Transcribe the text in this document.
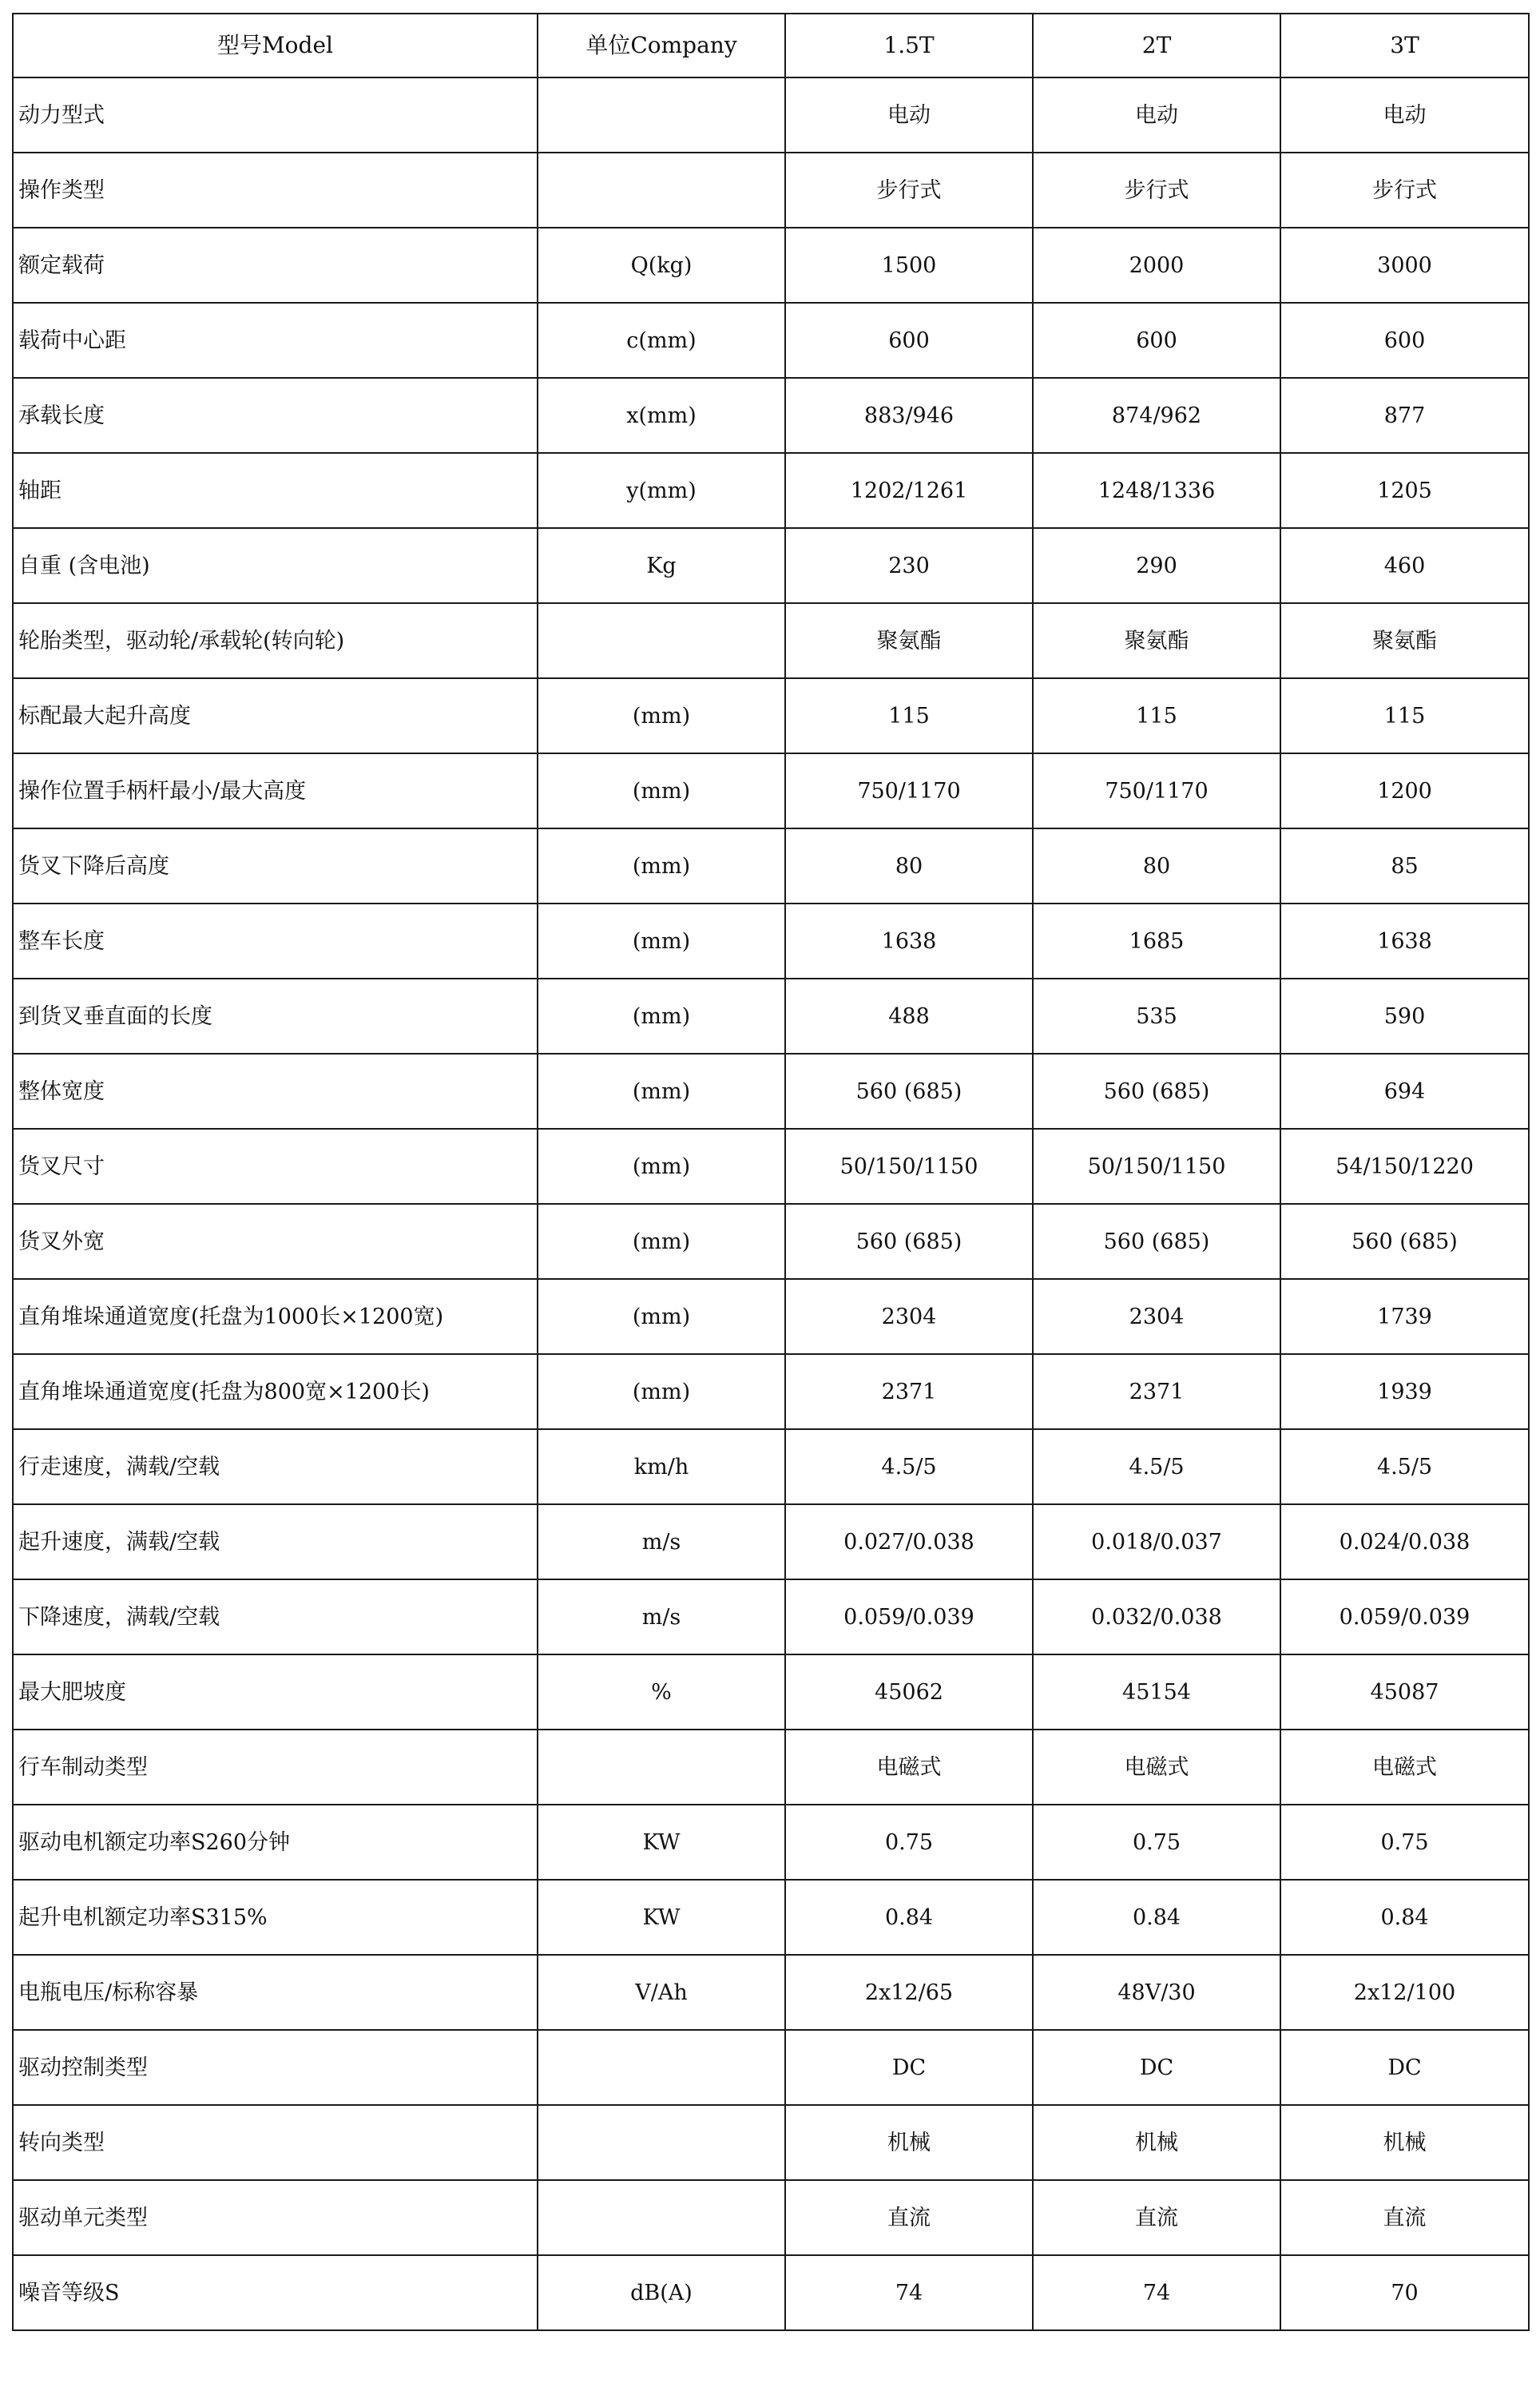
型号Model	单位Company	1.5T	2T	3T
动力型式		电动	电动	电动
操作类型		步行式	步行式	步行式
额定载荷	Q(kg)	1500	2000	3000
载荷中心距	c(mm)	600	600	600
承载长度	x(mm)	883/946	874/962	877
轴距	y(mm)	1202/1261	1248/1336	1205
自重 (含电池)	Kg	230	290	460
轮胎类型，驱动轮/承载轮(转向轮)		聚氨酯	聚氨酯	聚氨酯
标配最大起升高度	(mm)	115	115	115
操作位置手柄杆最小/最大高度	(mm)	750/1170	750/1170	1200
货叉下降后高度	(mm)	80	80	85
整车长度	(mm)	1638	1685	1638
到货叉垂直面的长度	(mm)	488	535	590
整体宽度	(mm)	560 (685)	560 (685)	694
货叉尺寸	(mm)	50/150/1150	50/150/1150	54/150/1220
货叉外宽	(mm)	560 (685)	560 (685)	560 (685)
直角堆垛通道宽度(托盘为1000长×1200宽)	(mm)	2304	2304	1739
直角堆垛通道宽度(托盘为800宽×1200长)	(mm)	2371	2371	1939
行走速度，满载/空载	km/h	4.5/5	4.5/5	4.5/5
起升速度，满载/空载	m/s	0.027/0.038	0.018/0.037	0.024/0.038
下降速度，满载/空载	m/s	0.059/0.039	0.032/0.038	0.059/0.039
最大肥坡度	%	45062	45154	45087
行车制动类型		电磁式	电磁式	电磁式
驱动电机额定功率S260分钟	KW	0.75	0.75	0.75
起升电机额定功率S315%	KW	0.84	0.84	0.84
电瓶电压/标称容暴	V/Ah	2x12/65	48V/30	2x12/100
驱动控制类型		DC	DC	DC
转向类型		机械	机械	机械
驱动单元类型		直流	直流	直流
噪音等级S	dB(A)	74	74	70
